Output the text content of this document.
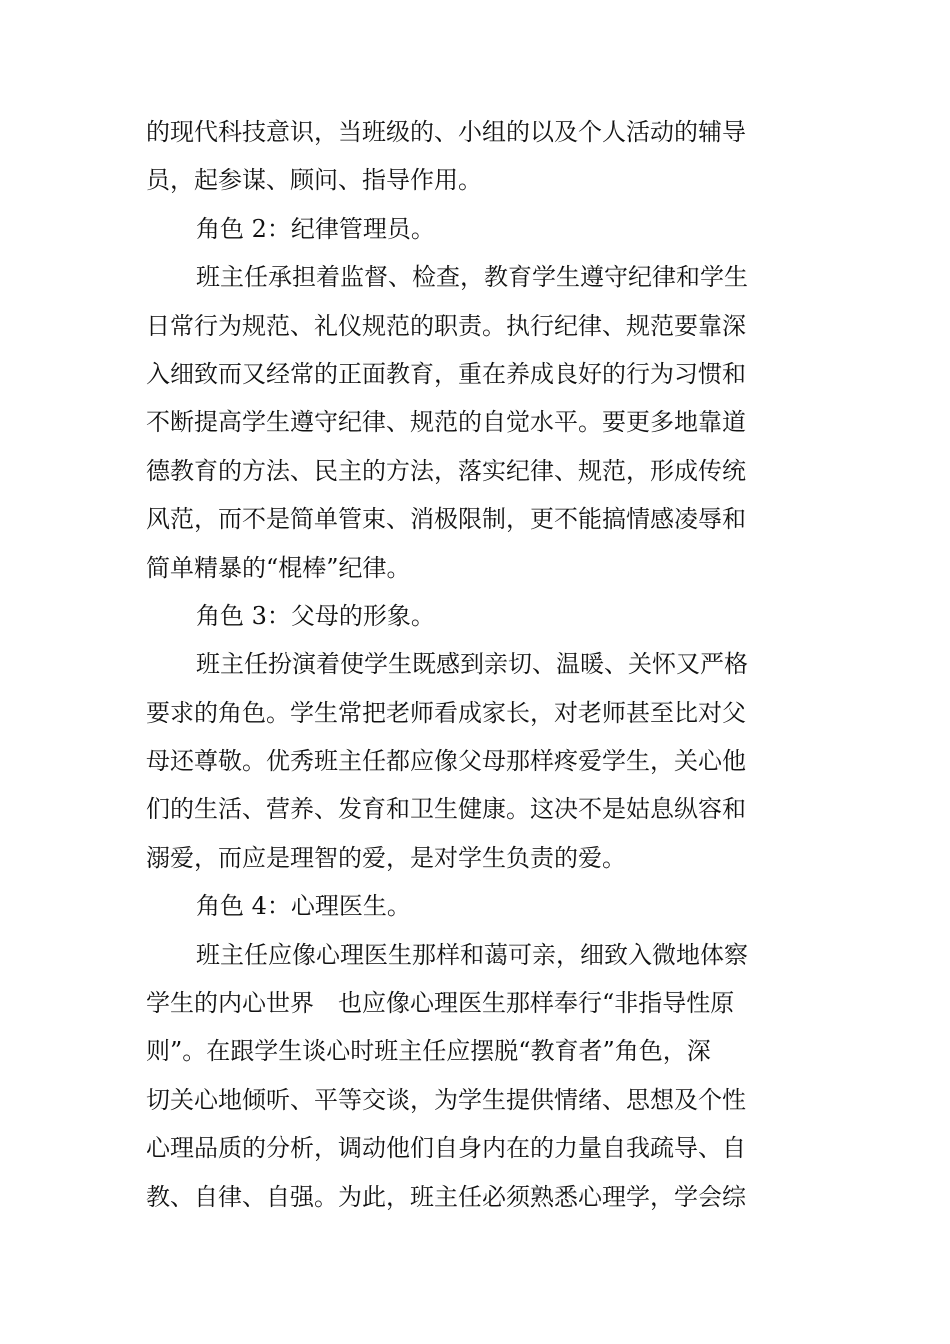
的现代科技意识，当班级的、小组的以及个人活动的辅导
员，起参谋、顾问、指导作用。
角色 2：纪律管理员。
班主任承担着监督、检查，教育学生遵守纪律和学生
日常行为规范、礼仪规范的职责。执行纪律、规范要靠深
入细致而又经常的正面教育，重在养成良好的行为习惯和
不断提高学生遵守纪律、规范的自觉水平。要更多地靠道
德教育的方法、民主的方法，落实纪律、规范，形成传统
风范，而不是简单管束、消极限制，更不能搞情感凌辱和
简单精暴的“棍棒”纪律。
角色 3：父母的形象。
班主任扮演着使学生既感到亲切、温暖、关怀又严格
要求的角色。学生常把老师看成家长，对老师甚至比对父
母还尊敬。优秀班主任都应像父母那样疼爱学生，关心他
们的生活、营养、发育和卫生健康。这决不是姑息纵容和
溺爱，而应是理智的爱，是对学生负责的爱。
角色 4：心理医生。
班主任应像心理医生那样和蔼可亲，细致入微地体察
学生的内心世界　也应像心理医生那样奉行“非指导性原
则”。在跟学生谈心时班主任应摆脱“教育者”角色，深
切关心地倾听、平等交谈，为学生提供情绪、思想及个性
心理品质的分析，调动他们自身内在的力量自我疏导、自
教、自律、自强。为此，班主任必须熟悉心理学，学会综
